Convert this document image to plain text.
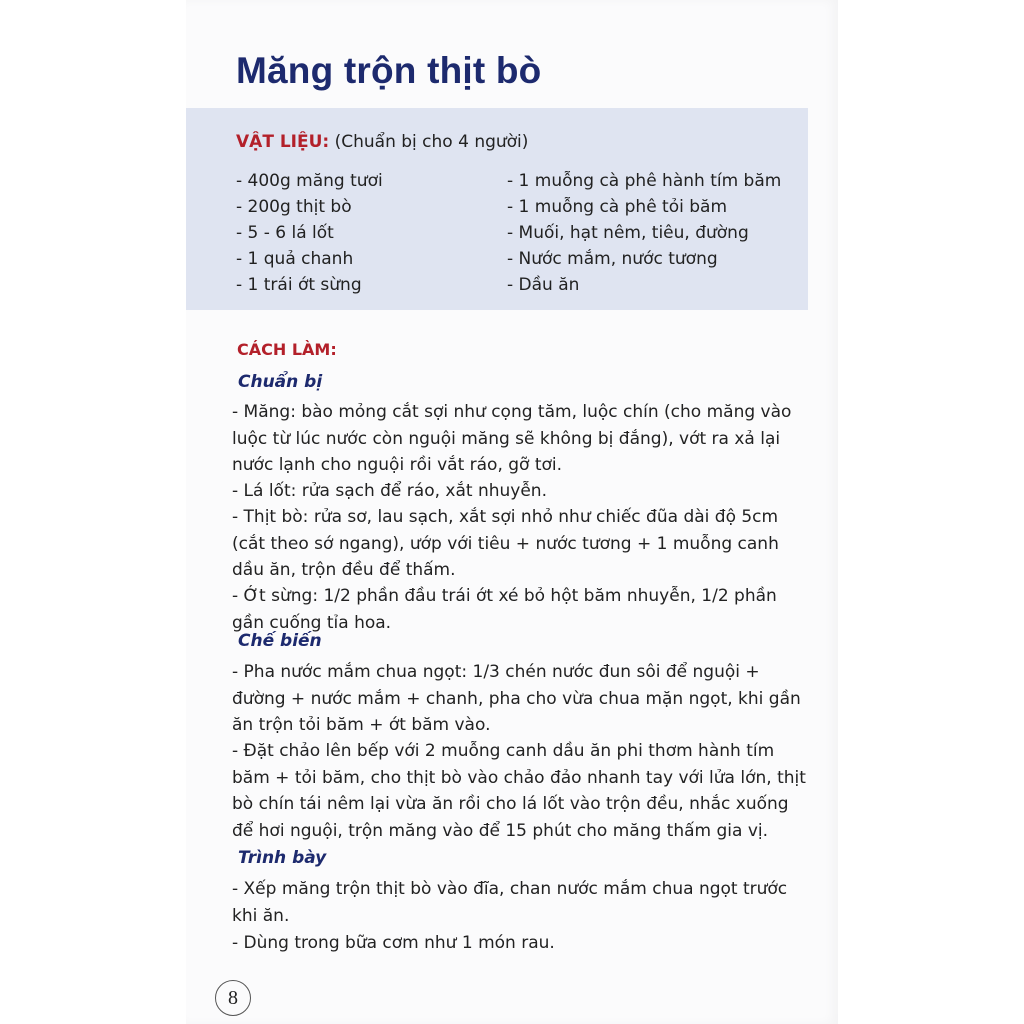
Măng trộn thịt bò
VẬT LIỆU: (Chuẩn bị cho 4 người)
- 400g măng tươi
- 200g thịt bò
- 5 - 6 lá lốt
- 1 quả chanh
- 1 trái ớt sừng
- 1 muỗng cà phê hành tím băm
- 1 muỗng cà phê tỏi băm
- Muối, hạt nêm, tiêu, đường
- Nước mắm, nước tương
- Dầu ăn
CÁCH LÀM:
Chuẩn bị
- Măng: bào mỏng cắt sợi như cọng tăm, luộc chín (cho măng vào luộc từ lúc nước còn nguội măng sẽ không bị đắng), vớt ra xả lại nước lạnh cho nguội rồi vắt ráo, gỡ tơi.
- Lá lốt: rửa sạch để ráo, xắt nhuyễn.
- Thịt bò: rửa sơ, lau sạch, xắt sợi nhỏ như chiếc đũa dài độ 5cm (cắt theo sớ ngang), ướp với tiêu + nước tương + 1 muỗng canh dầu ăn, trộn đều để thấm.
- Ớt sừng: 1/2 phần đầu trái ớt xé bỏ hột băm nhuyễn, 1/2 phần gần cuống tỉa hoa.
Chế biến
- Pha nước mắm chua ngọt: 1/3 chén nước đun sôi để nguội + đường + nước mắm + chanh, pha cho vừa chua mặn ngọt, khi gần ăn trộn tỏi băm + ớt băm vào.
- Đặt chảo lên bếp với 2 muỗng canh dầu ăn phi thơm hành tím băm + tỏi băm, cho thịt bò vào chảo đảo nhanh tay với lửa lớn, thịt bò chín tái nêm lại vừa ăn rồi cho lá lốt vào trộn đều, nhắc xuống để hơi nguội, trộn măng vào để 15 phút cho măng thấm gia vị.
Trình bày
- Xếp măng trộn thịt bò vào đĩa, chan nước mắm chua ngọt trước khi ăn.
- Dùng trong bữa cơm như 1 món rau.
8
